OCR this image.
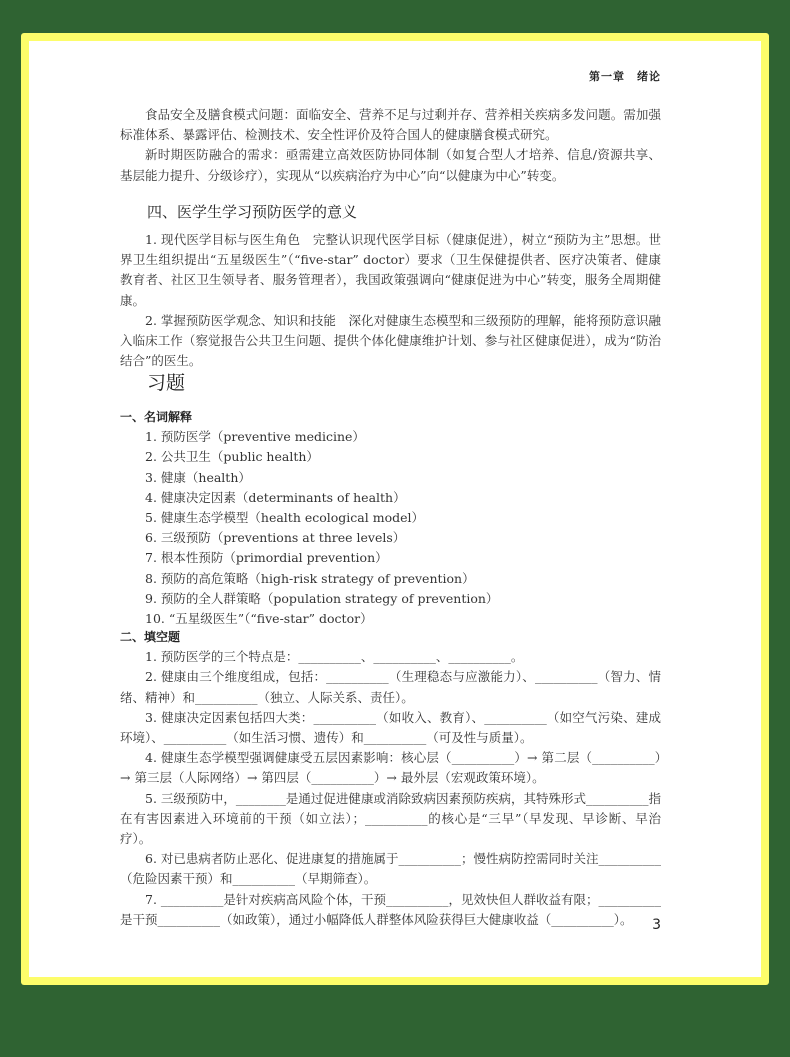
第一章　绪论

食品安全及膳食模式问题：面临安全、营养不足与过剩并存、营养相关疾病多发问题。需加强标准体系、暴露评估、检测技术、安全性评价及符合国人的健康膳食模式研究。

新时期医防融合的需求：亟需建立高效医防协同体制（如复合型人才培养、信息/资源共享、基层能力提升、分级诊疗），实现从“以疾病治疗为中心”向“以健康为中心”转变。

四、医学生学习预防医学的意义

1. 现代医学目标与医生角色　完整认识现代医学目标（健康促进），树立“预防为主”思想。世界卫生组织提出“五星级医生”（“five-star” doctor）要求（卫生保健提供者、医疗决策者、健康教育者、社区卫生领导者、服务管理者），我国政策强调向“健康促进为中心”转变，服务全周期健康。

2. 掌握预防医学观念、知识和技能　深化对健康生态模型和三级预防的理解，能将预防意识融入临床工作（察觉报告公共卫生问题、提供个体化健康维护计划、参与社区健康促进），成为“防治结合”的医生。

习题
一、名词解释

1. 预防医学（preventive medicine）

2. 公共卫生（public health）

3. 健康（health）

4. 健康决定因素（determinants of health）

5. 健康生态学模型（health ecological model）

6. 三级预防（preventions at three levels）

7. 根本性预防（primordial prevention）

8. 预防的高危策略（high-risk strategy of prevention）

9. 预防的全人群策略（population strategy of prevention）

10. “五星级医生”（“five-star” doctor）

二、填空题

1. 预防医学的三个特点是：__________、__________、__________。

2. 健康由三个维度组成，包括：__________（生理稳态与应激能力）、__________（智力、情绪、精神）和__________（独立、人际关系、责任）。

3. 健康决定因素包括四大类：__________（如收入、教育）、__________（如空气污染、建成环境）、__________（如生活习惯、遗传）和__________（可及性与质量）。

4. 健康生态学模型强调健康受五层因素影响：核心层（__________）→ 第二层（__________）→ 第三层（人际网络）→ 第四层（__________）→ 最外层（宏观政策环境）。

5. 三级预防中，________是通过促进健康或消除致病因素预防疾病，其特殊形式__________指在有害因素进入环境前的干预（如立法）；__________的核心是“三早”（早发现、早诊断、早治疗）。

6. 对已患病者防止恶化、促进康复的措施属于__________；慢性病防控需同时关注__________（危险因素干预）和__________（早期筛查）。

7. __________是针对疾病高风险个体，干预__________，见效快但人群收益有限；__________是干预__________（如政策），通过小幅降低人群整体风险获得巨大健康收益（__________）。	3
